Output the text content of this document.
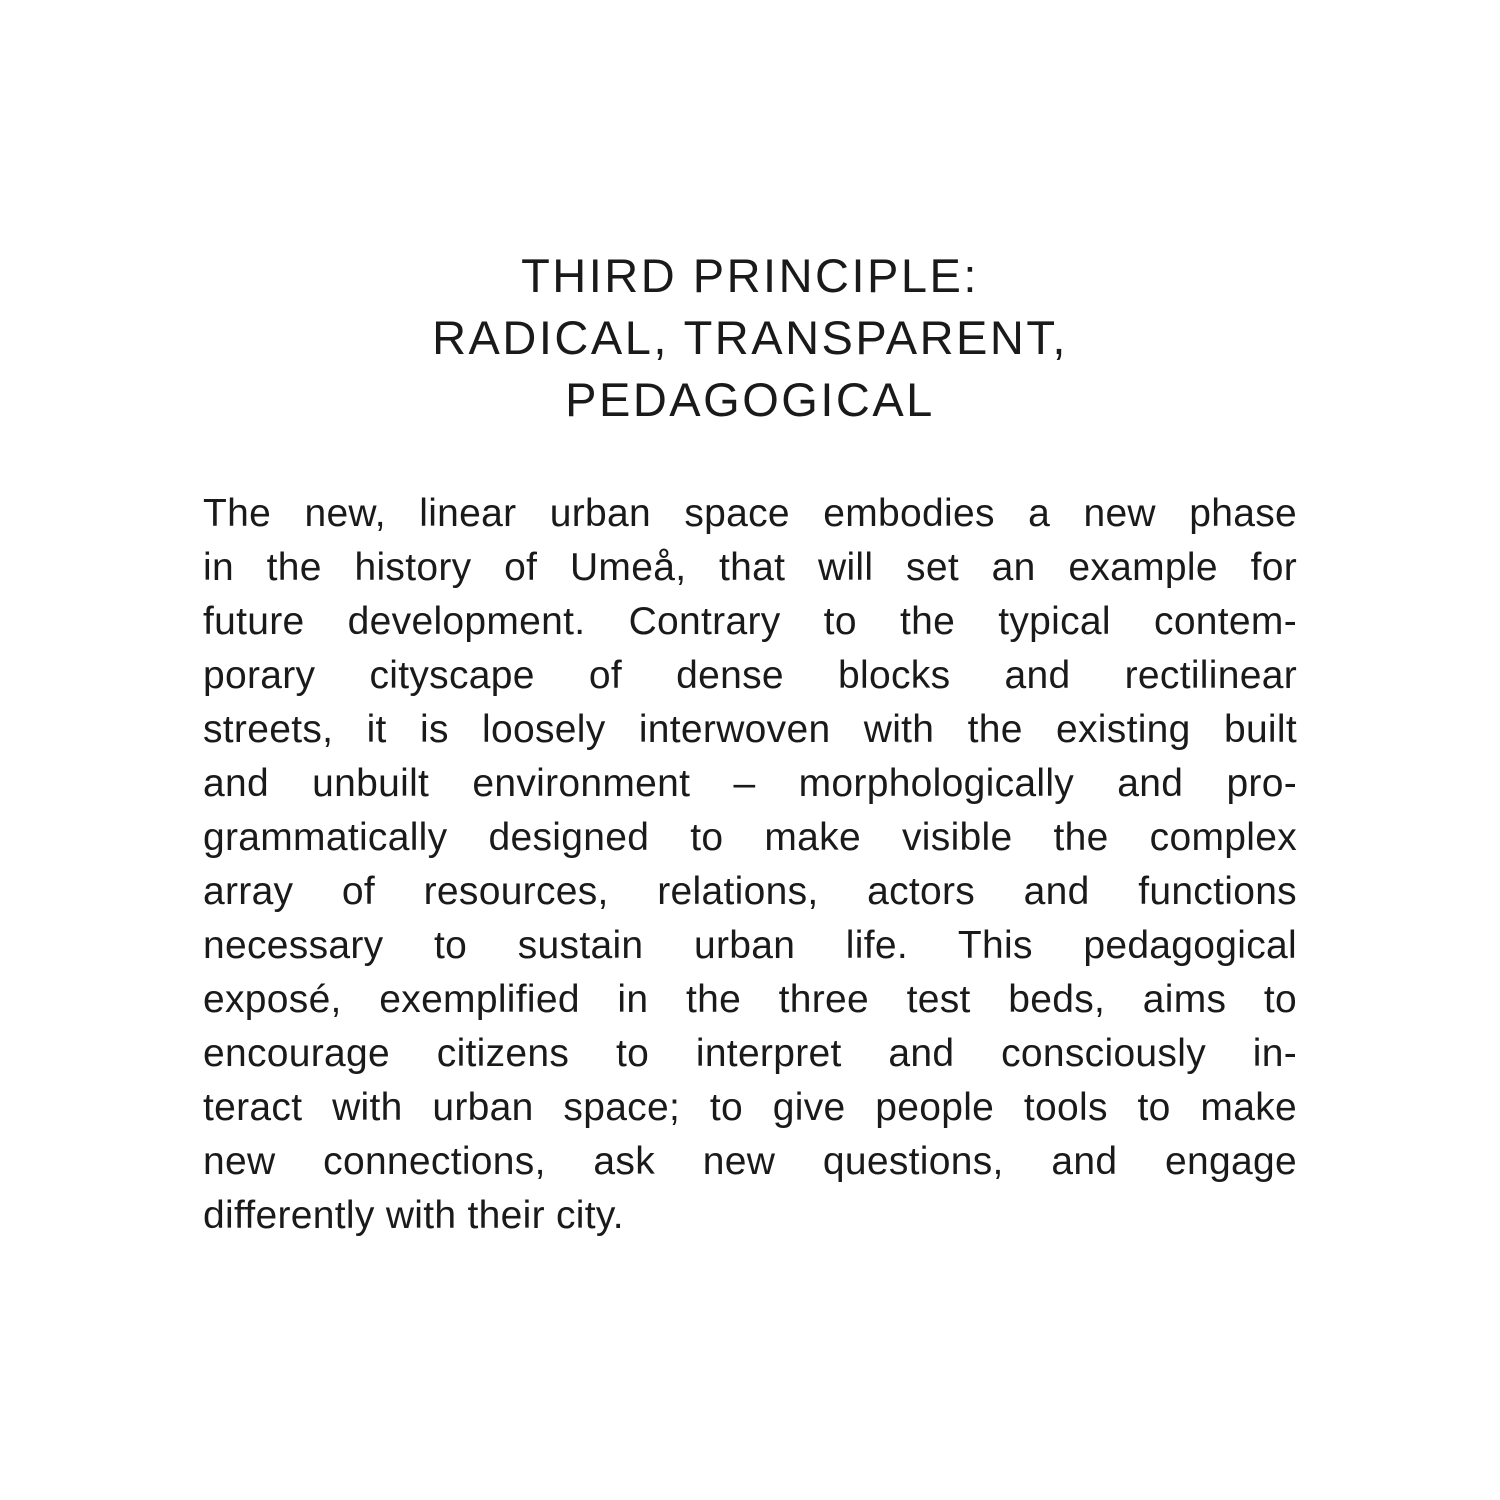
THIRD PRINCIPLE:
RADICAL, TRANSPARENT,
PEDAGOGICAL

The new, linear urban space embodies a new phase
in the history of Umeå, that will set an example for
future development. Contrary to the typical contem-
porary cityscape of dense blocks and rectilinear
streets, it is loosely interwoven with the existing built
and unbuilt environment – morphologically and pro-
grammatically designed to make visible the complex
array of resources, relations, actors and functions
necessary to sustain urban life. This pedagogical
exposé, exemplified in the three test beds, aims to
encourage citizens to interpret and consciously in-
teract with urban space; to give people tools to make
new connections, ask new questions, and engage
differently with their city.
